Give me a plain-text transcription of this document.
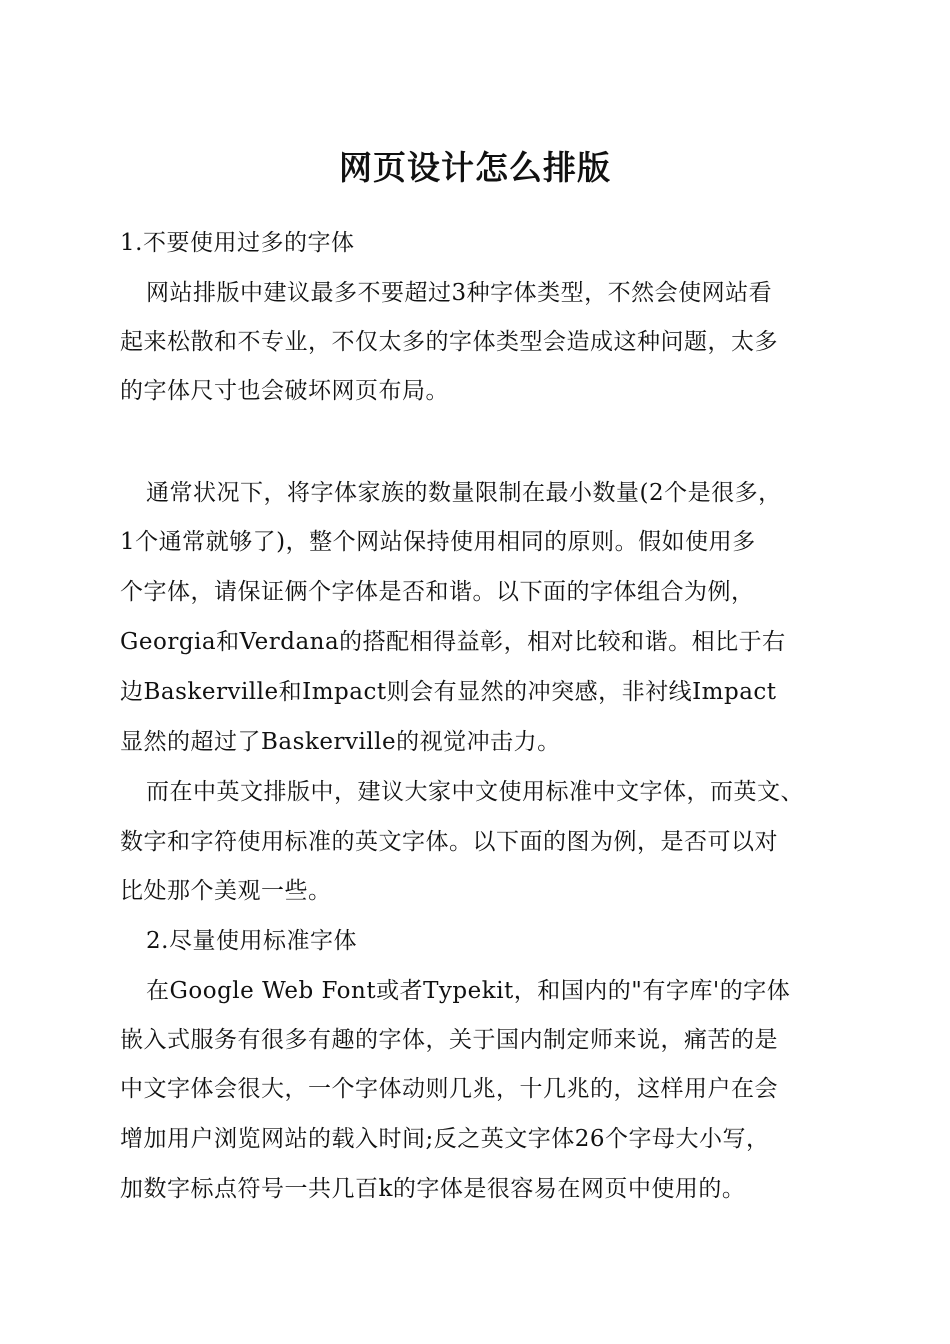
网页设计怎么排版
1.不要使用过多的字体
网站排版中建议最多不要超过3种字体类型，不然会使网站看
起来松散和不专业，不仅太多的字体类型会造成这种问题，太多
的字体尺寸也会破坏网页布局。
通常状况下，将字体家族的数量限制在最小数量(2个是很多，
1个通常就够了)，整个网站保持使用相同的原则。假如使用多
个字体，请保证俩个字体是否和谐。以下面的字体组合为例，
Georgia和Verdana的搭配相得益彰，相对比较和谐。相比于右
边Baskerville和Impact则会有显然的冲突感，非衬线Impact
显然的超过了Baskerville的视觉冲击力。
而在中英文排版中，建议大家中文使用标准中文字体，而英文、
数字和字符使用标准的英文字体。以下面的图为例，是否可以对
比处那个美观一些。
2.尽量使用标准字体
在Google Web Font或者Typekit，和国内的"有字库'的字体
嵌入式服务有很多有趣的字体，关于国内制定师来说，痛苦的是
中文字体会很大，一个字体动则几兆，十几兆的，这样用户在会
增加用户浏览网站的载入时间;反之英文字体26个字母大小写，
加数字标点符号一共几百k的字体是很容易在网页中使用的。
